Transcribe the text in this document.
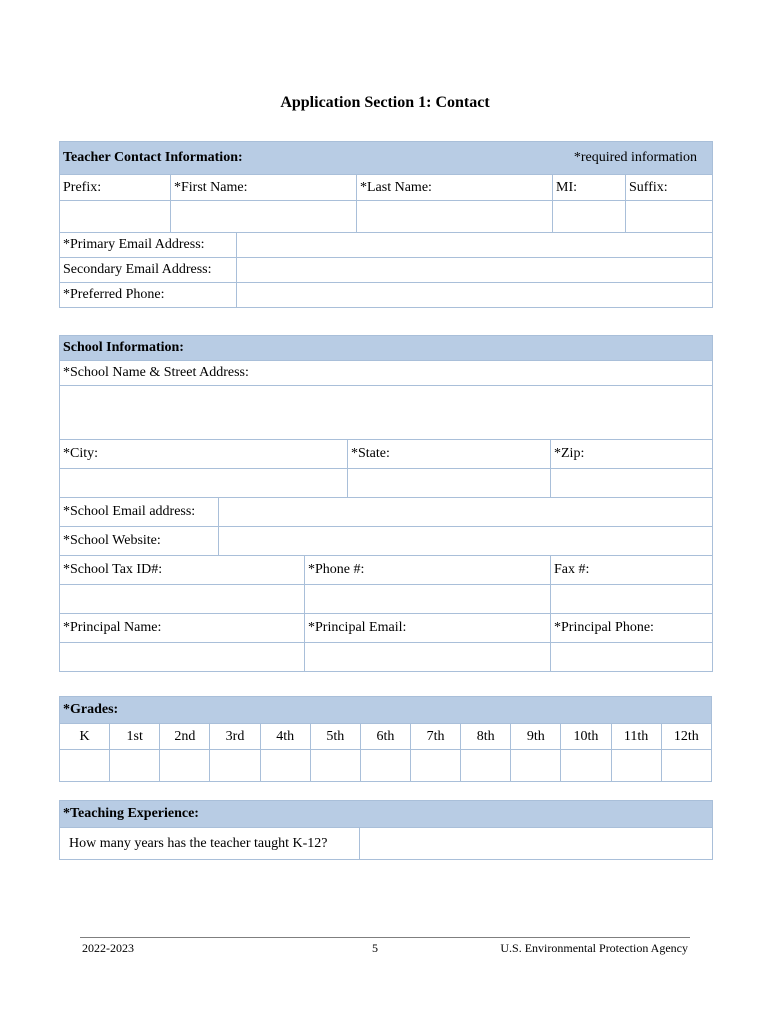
Application Section 1: Contact
Teacher Contact Information: *required information					

Prefix:	*First Name:		*Last Name:	MI:	Suffix:

*Primary Email Address:					
Secondary Email Address:					
*Preferred Phone:					
School Information:				
*School Name & Street Address:				

*City:			*State:	*Zip:

*School Email address:				
*School Website:				
*School Tax ID#:		*Phone #:		Fax #:

*Principal Name:		*Principal Email:		*Principal Phone:

*Grades:												
K	1st	2nd	3rd	4th	5th	6th	7th	8th	9th	10th	11th	12th

*Teaching Experience:
How many years has the teacher taught K-12?	
2022-2023	5	U.S. Environmental Protection Agency
